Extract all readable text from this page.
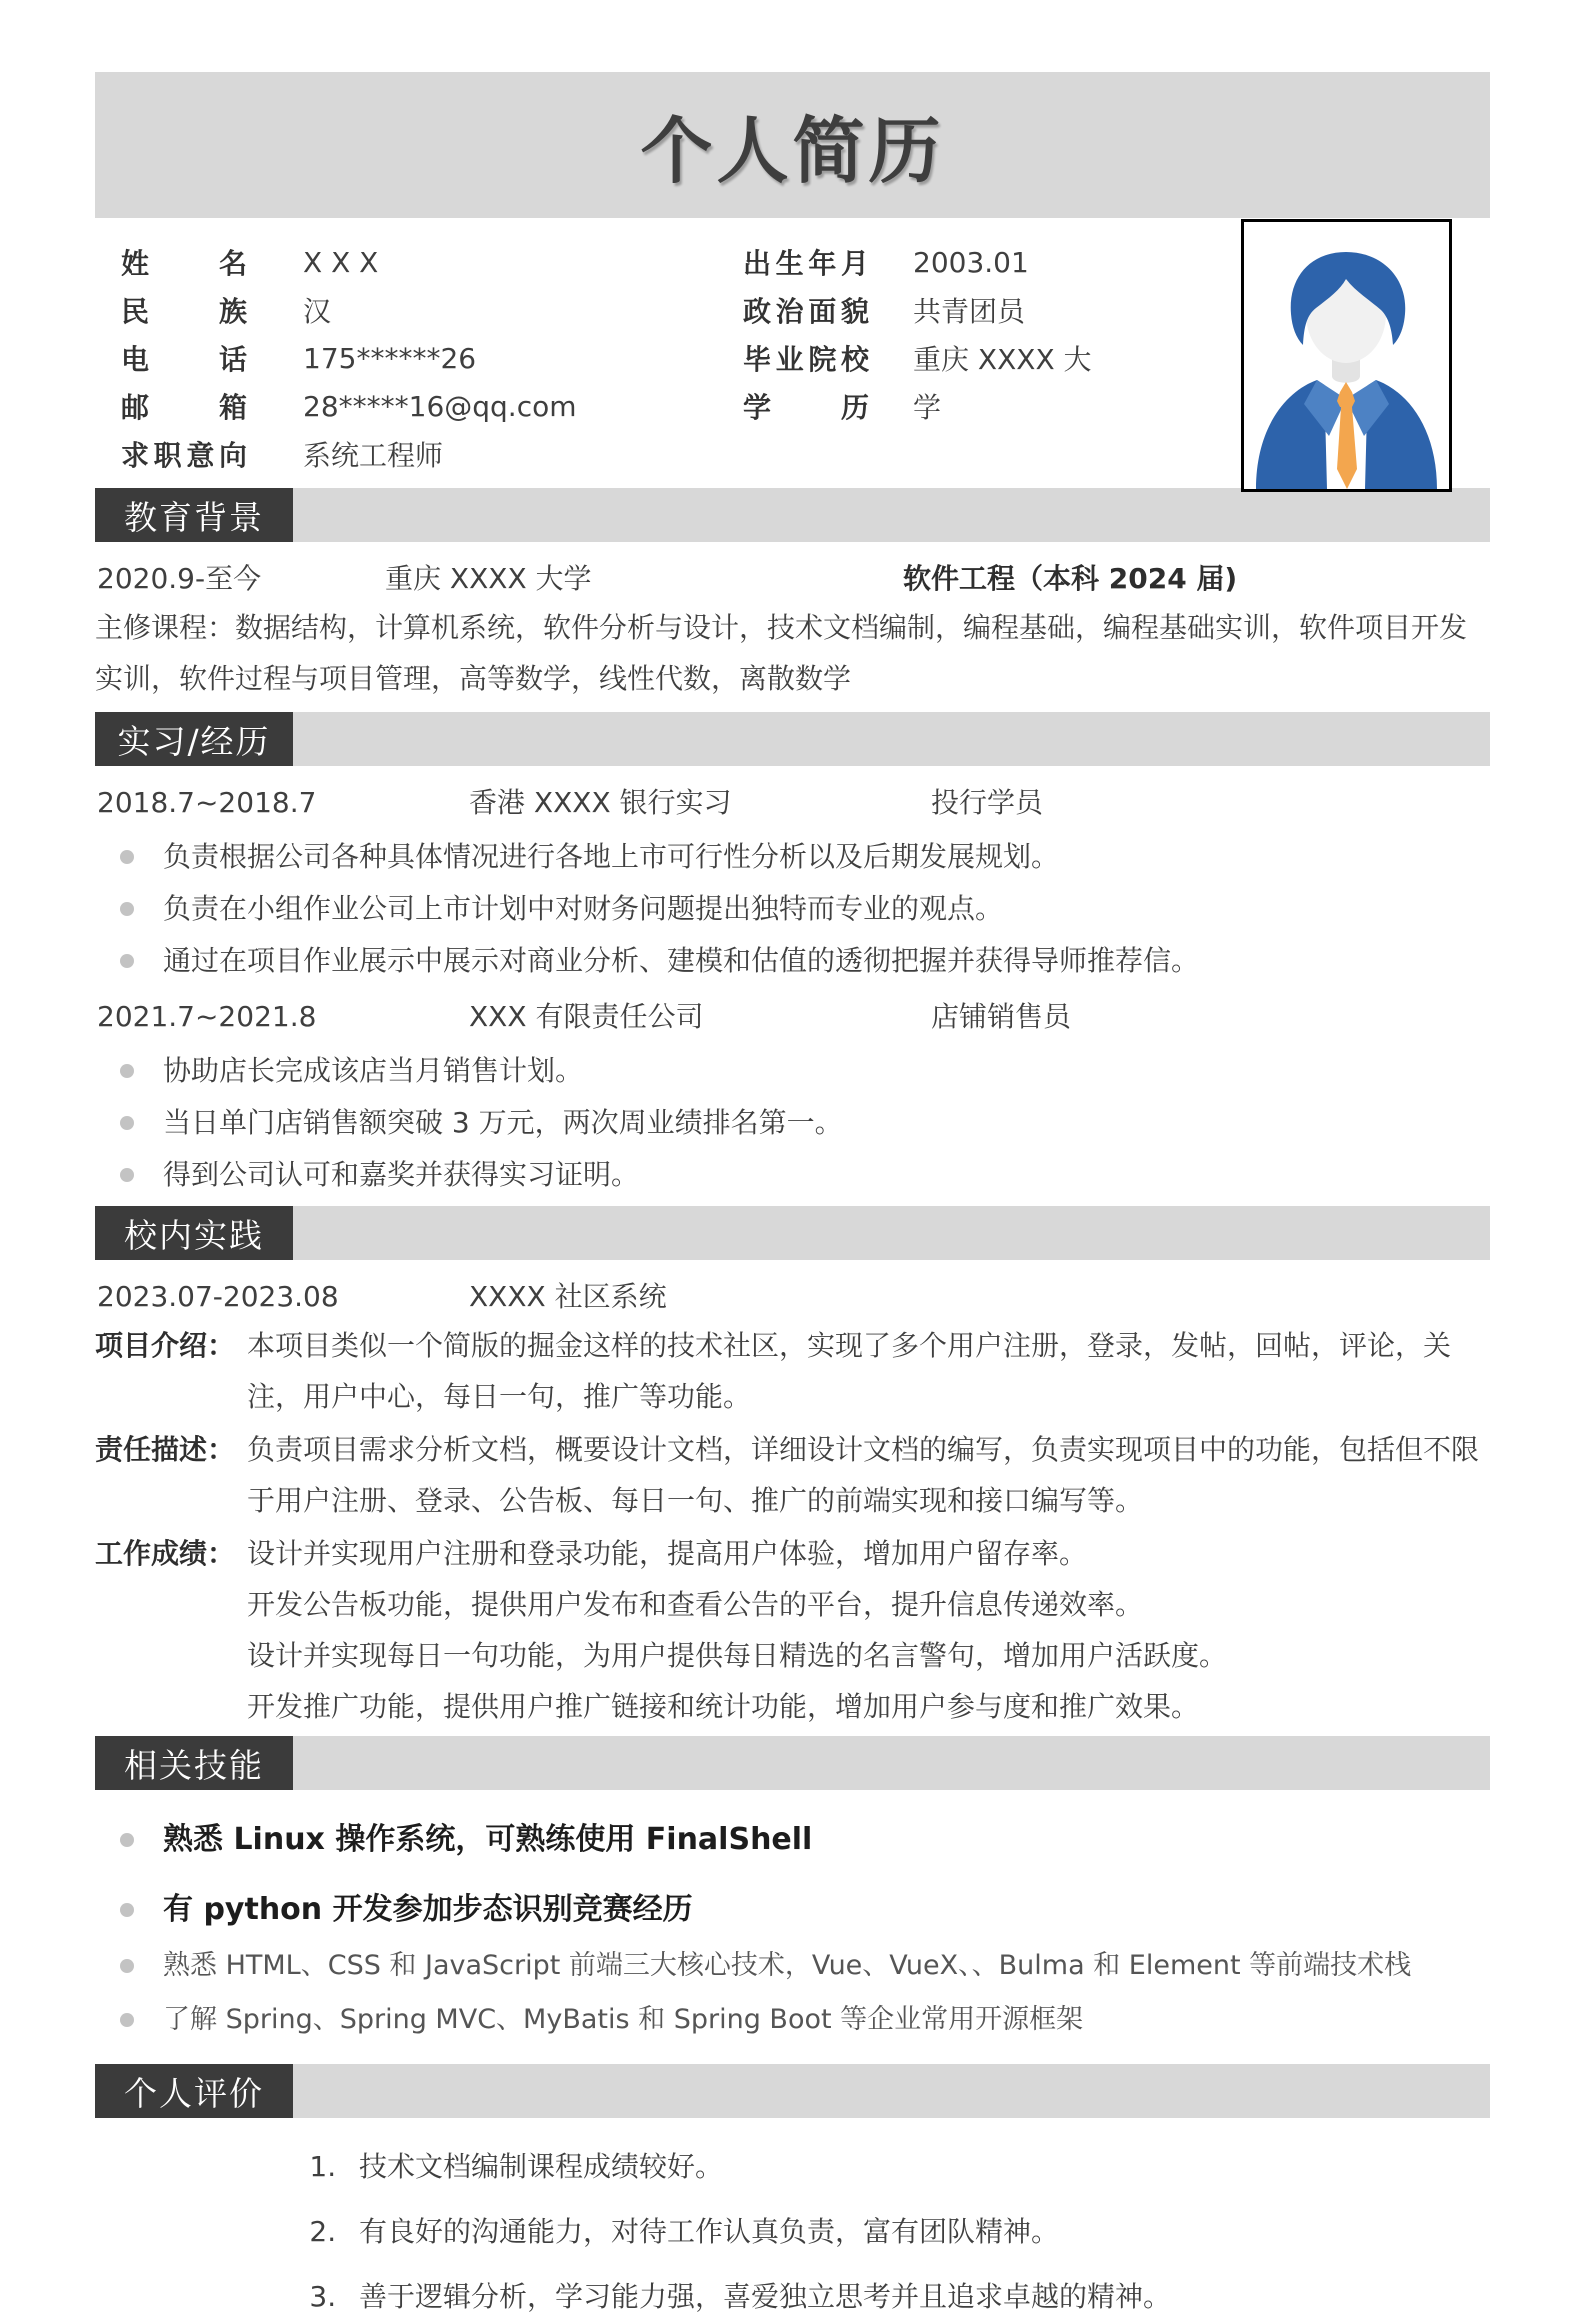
个人简历
姓名 X X X
民族 汉
电话 175******26
邮箱 28*****16@qq.com
求职意向 系统工程师
出生年月 2003.01
政治面貌 共青团员
毕业院校 重庆 XXXX 大
学历 学
教育背景
2020.9-至今	重庆 XXXX 大学	软件工程（本科 2024 届)
主修课程：数据结构，计算机系统，软件分析与设计，技术文档编制，编程基础，编程基础实训，软件项目开发实训，软件过程与项目管理，高等数学，线性代数，离散数学
实习/经历
2018.7~2018.7	香港 XXXX 银行实习	投行学员
负责根据公司各种具体情况进行各地上市可行性分析以及后期发展规划。
负责在小组作业公司上市计划中对财务问题提出独特而专业的观点。
通过在项目作业展示中展示对商业分析、建模和估值的透彻把握并获得导师推荐信。
2021.7~2021.8	XXX 有限责任公司	店铺销售员
协助店长完成该店当月销售计划。
当日单门店销售额突破 3 万元，两次周业绩排名第一。
得到公司认可和嘉奖并获得实习证明。
校内实践
2023.07-2023.08	XXXX 社区系统
项目介绍： 本项目类似一个简版的掘金这样的技术社区，实现了多个用户注册，登录，发帖，回帖，评论，关注，用户中心，每日一句，推广等功能。
责任描述： 负责项目需求分析文档，概要设计文档，详细设计文档的编写，负责实现项目中的功能，包括但不限于用户注册、登录、公告板、每日一句、推广的前端实现和接口编写等。
工作成绩： 设计并实现用户注册和登录功能，提高用户体验，增加用户留存率。
开发公告板功能，提供用户发布和查看公告的平台，提升信息传递效率。
设计并实现每日一句功能，为用户提供每日精选的名言警句，增加用户活跃度。
开发推广功能，提供用户推广链接和统计功能，增加用户参与度和推广效果。
相关技能
熟悉 Linux 操作系统，可熟练使用 FinalShell
有 python 开发参加步态识别竞赛经历
熟悉 HTML、CSS 和 JavaScript 前端三大核心技术，Vue、VueX、、Bulma 和 Element 等前端技术栈
了解 Spring、Spring MVC、MyBatis 和 Spring Boot 等企业常用开源框架
个人评价
1. 技术文档编制课程成绩较好。
2. 有良好的沟通能力，对待工作认真负责，富有团队精神。
3. 善于逻辑分析，学习能力强，喜爱独立思考并且追求卓越的精神。
